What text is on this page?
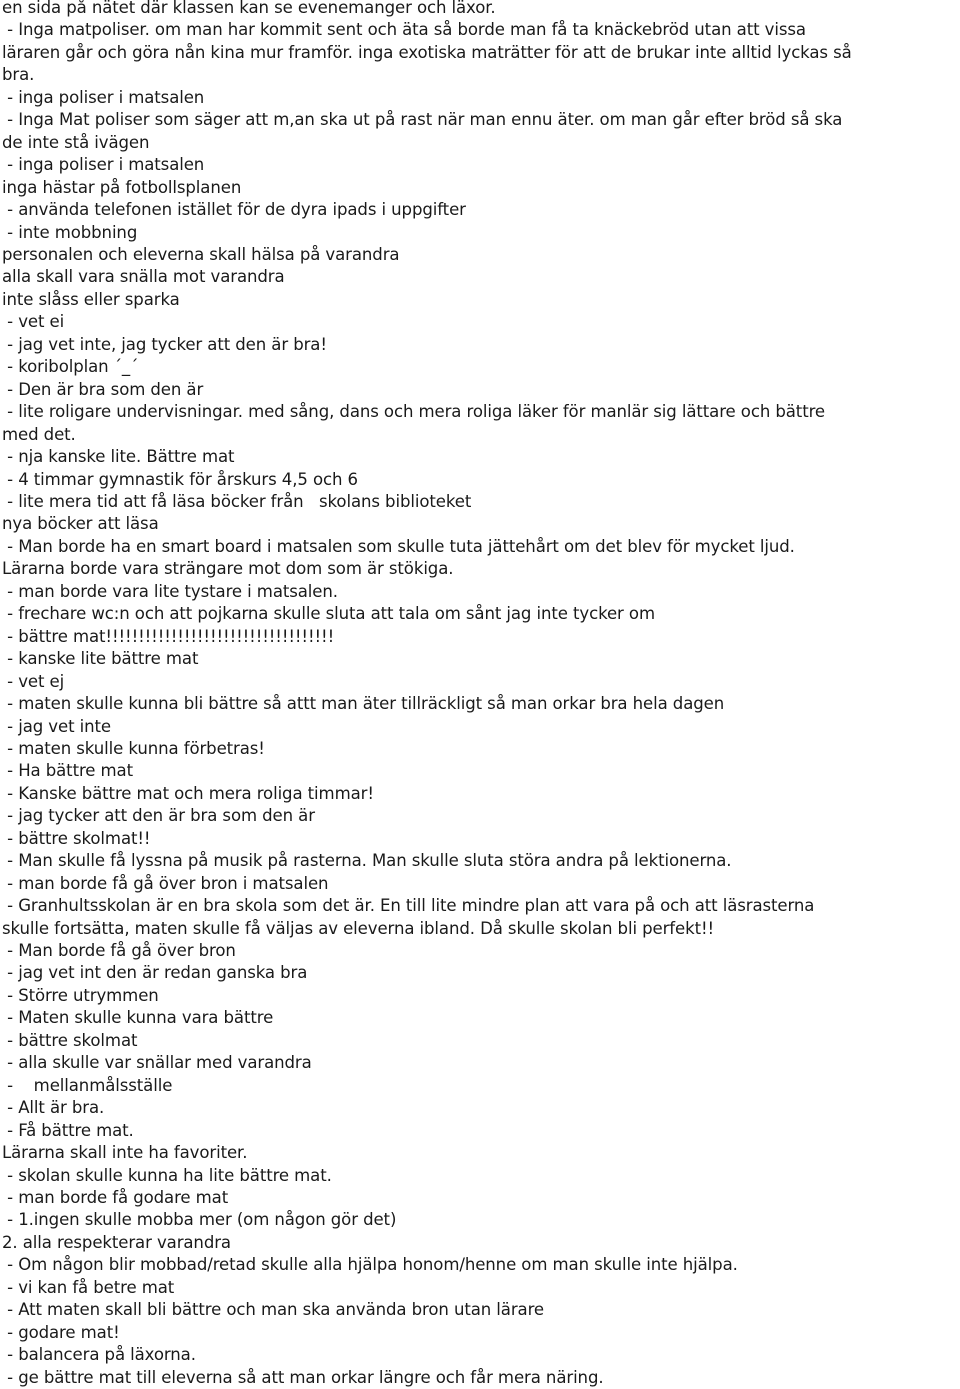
en sida på nätet där klassen kan se evenemanger och läxor.
- Inga matpoliser. om man har kommit sent och äta så borde man få ta knäckebröd utan att vissa
läraren går och göra nån kina mur framför. inga exotiska maträtter för att de brukar inte alltid lyckas så
bra.
- inga poliser i matsalen
- Inga Mat poliser som säger att m,an ska ut på rast när man ennu äter. om man går efter bröd så ska
de inte stå ivägen
- inga poliser i matsalen
inga hästar på fotbollsplanen
- använda telefonen istället för de dyra ipads i uppgifter
- inte mobbning
personalen och eleverna skall hälsa på varandra
alla skall vara snälla mot varandra
inte slåss eller sparka
- vet ei
- jag vet inte, jag tycker att den är bra!
- koribolplan ´_´
- Den är bra som den är
- lite roligare undervisningar. med sång, dans och mera roliga läker för manlär sig lättare och bättre
med det.
- nja kanske lite. Bättre mat
- 4 timmar gymnastik för årskurs 4,5 och 6
- lite mera tid att få läsa böcker från   skolans biblioteket
nya böcker att läsa
- Man borde ha en smart board i matsalen som skulle tuta jättehårt om det blev för mycket ljud.
Lärarna borde vara strängare mot dom som är stökiga.
- man borde vara lite tystare i matsalen.
- frechare wc:n och att pojkarna skulle sluta att tala om sånt jag inte tycker om
- bättre mat!!!!!!!!!!!!!!!!!!!!!!!!!!!!!!!!!!!
- kanske lite bättre mat
- vet ej
- maten skulle kunna bli bättre så attt man äter tillräckligt så man orkar bra hela dagen
- jag vet inte
- maten skulle kunna förbetras!
- Ha bättre mat
- Kanske bättre mat och mera roliga timmar!
- jag tycker att den är bra som den är
- bättre skolmat!!
- Man skulle få lyssna på musik på rasterna. Man skulle sluta störa andra på lektionerna.
- man borde få gå över bron i matsalen
- Granhultsskolan är en bra skola som det är. En till lite mindre plan att vara på och att läsrasterna
skulle fortsätta, maten skulle få väljas av eleverna ibland. Då skulle skolan bli perfekt!!
- Man borde få gå över bron
- jag vet int den är redan ganska bra
- Större utrymmen
- Maten skulle kunna vara bättre
- bättre skolmat
- alla skulle var snällar med varandra
-    mellanmålsställe
- Allt är bra.
- Få bättre mat.
Lärarna skall inte ha favoriter.
- skolan skulle kunna ha lite bättre mat.
- man borde få godare mat
- 1.ingen skulle mobba mer (om någon gör det)
2. alla respekterar varandra
- Om någon blir mobbad/retad skulle alla hjälpa honom/henne om man skulle inte hjälpa.
- vi kan få betre mat
- Att maten skall bli bättre och man ska använda bron utan lärare
- godare mat!
- balancera på läxorna.
- ge bättre mat till eleverna så att man orkar längre och får mera näring.
